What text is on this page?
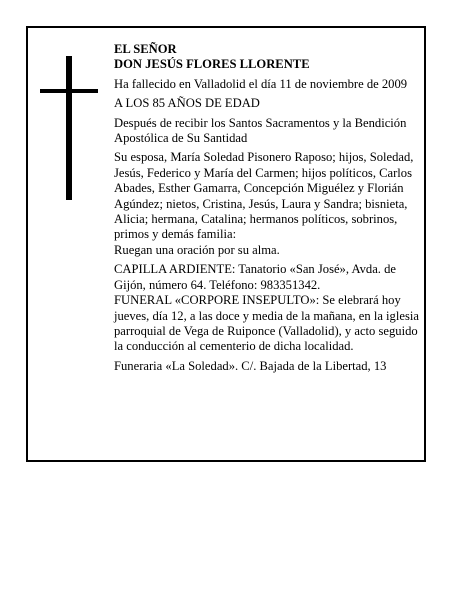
EL SEÑOR

DON JESÚS FLORES LLORENTE

Ha fallecido en Valladolid el día 11 de noviembre de 2009

A LOS 85 AÑOS DE EDAD

Después de recibir los Santos Sacramentos y la Bendición Apostólica de Su Santidad

Su esposa, María Soledad Pisonero Raposo; hijos, Soledad, Jesús, Federico y María del Carmen; hijos políticos, Carlos Abades, Esther Gamarra, Concepción Miguélez y Florián Agúndez; nietos, Cristina, Jesús, Laura y Sandra; bisnieta, Alicia; hermana, Catalina; hermanos políticos, sobrinos, primos y demás familia:

Ruegan una oración por su alma.

CAPILLA ARDIENTE: Tanatorio «San José», Avda. de Gijón, número 64. Teléfono: 983351342.

FUNERAL «CORPORE INSEPULTO»: Se elebrará hoy jueves, día 12, a las doce y media de la mañana, en la iglesia parroquial de Vega de Ruiponce (Valladolid), y acto seguido la conducción al cementerio de dicha localidad.

Funeraria «La Soledad». C/. Bajada de la Libertad, 13
